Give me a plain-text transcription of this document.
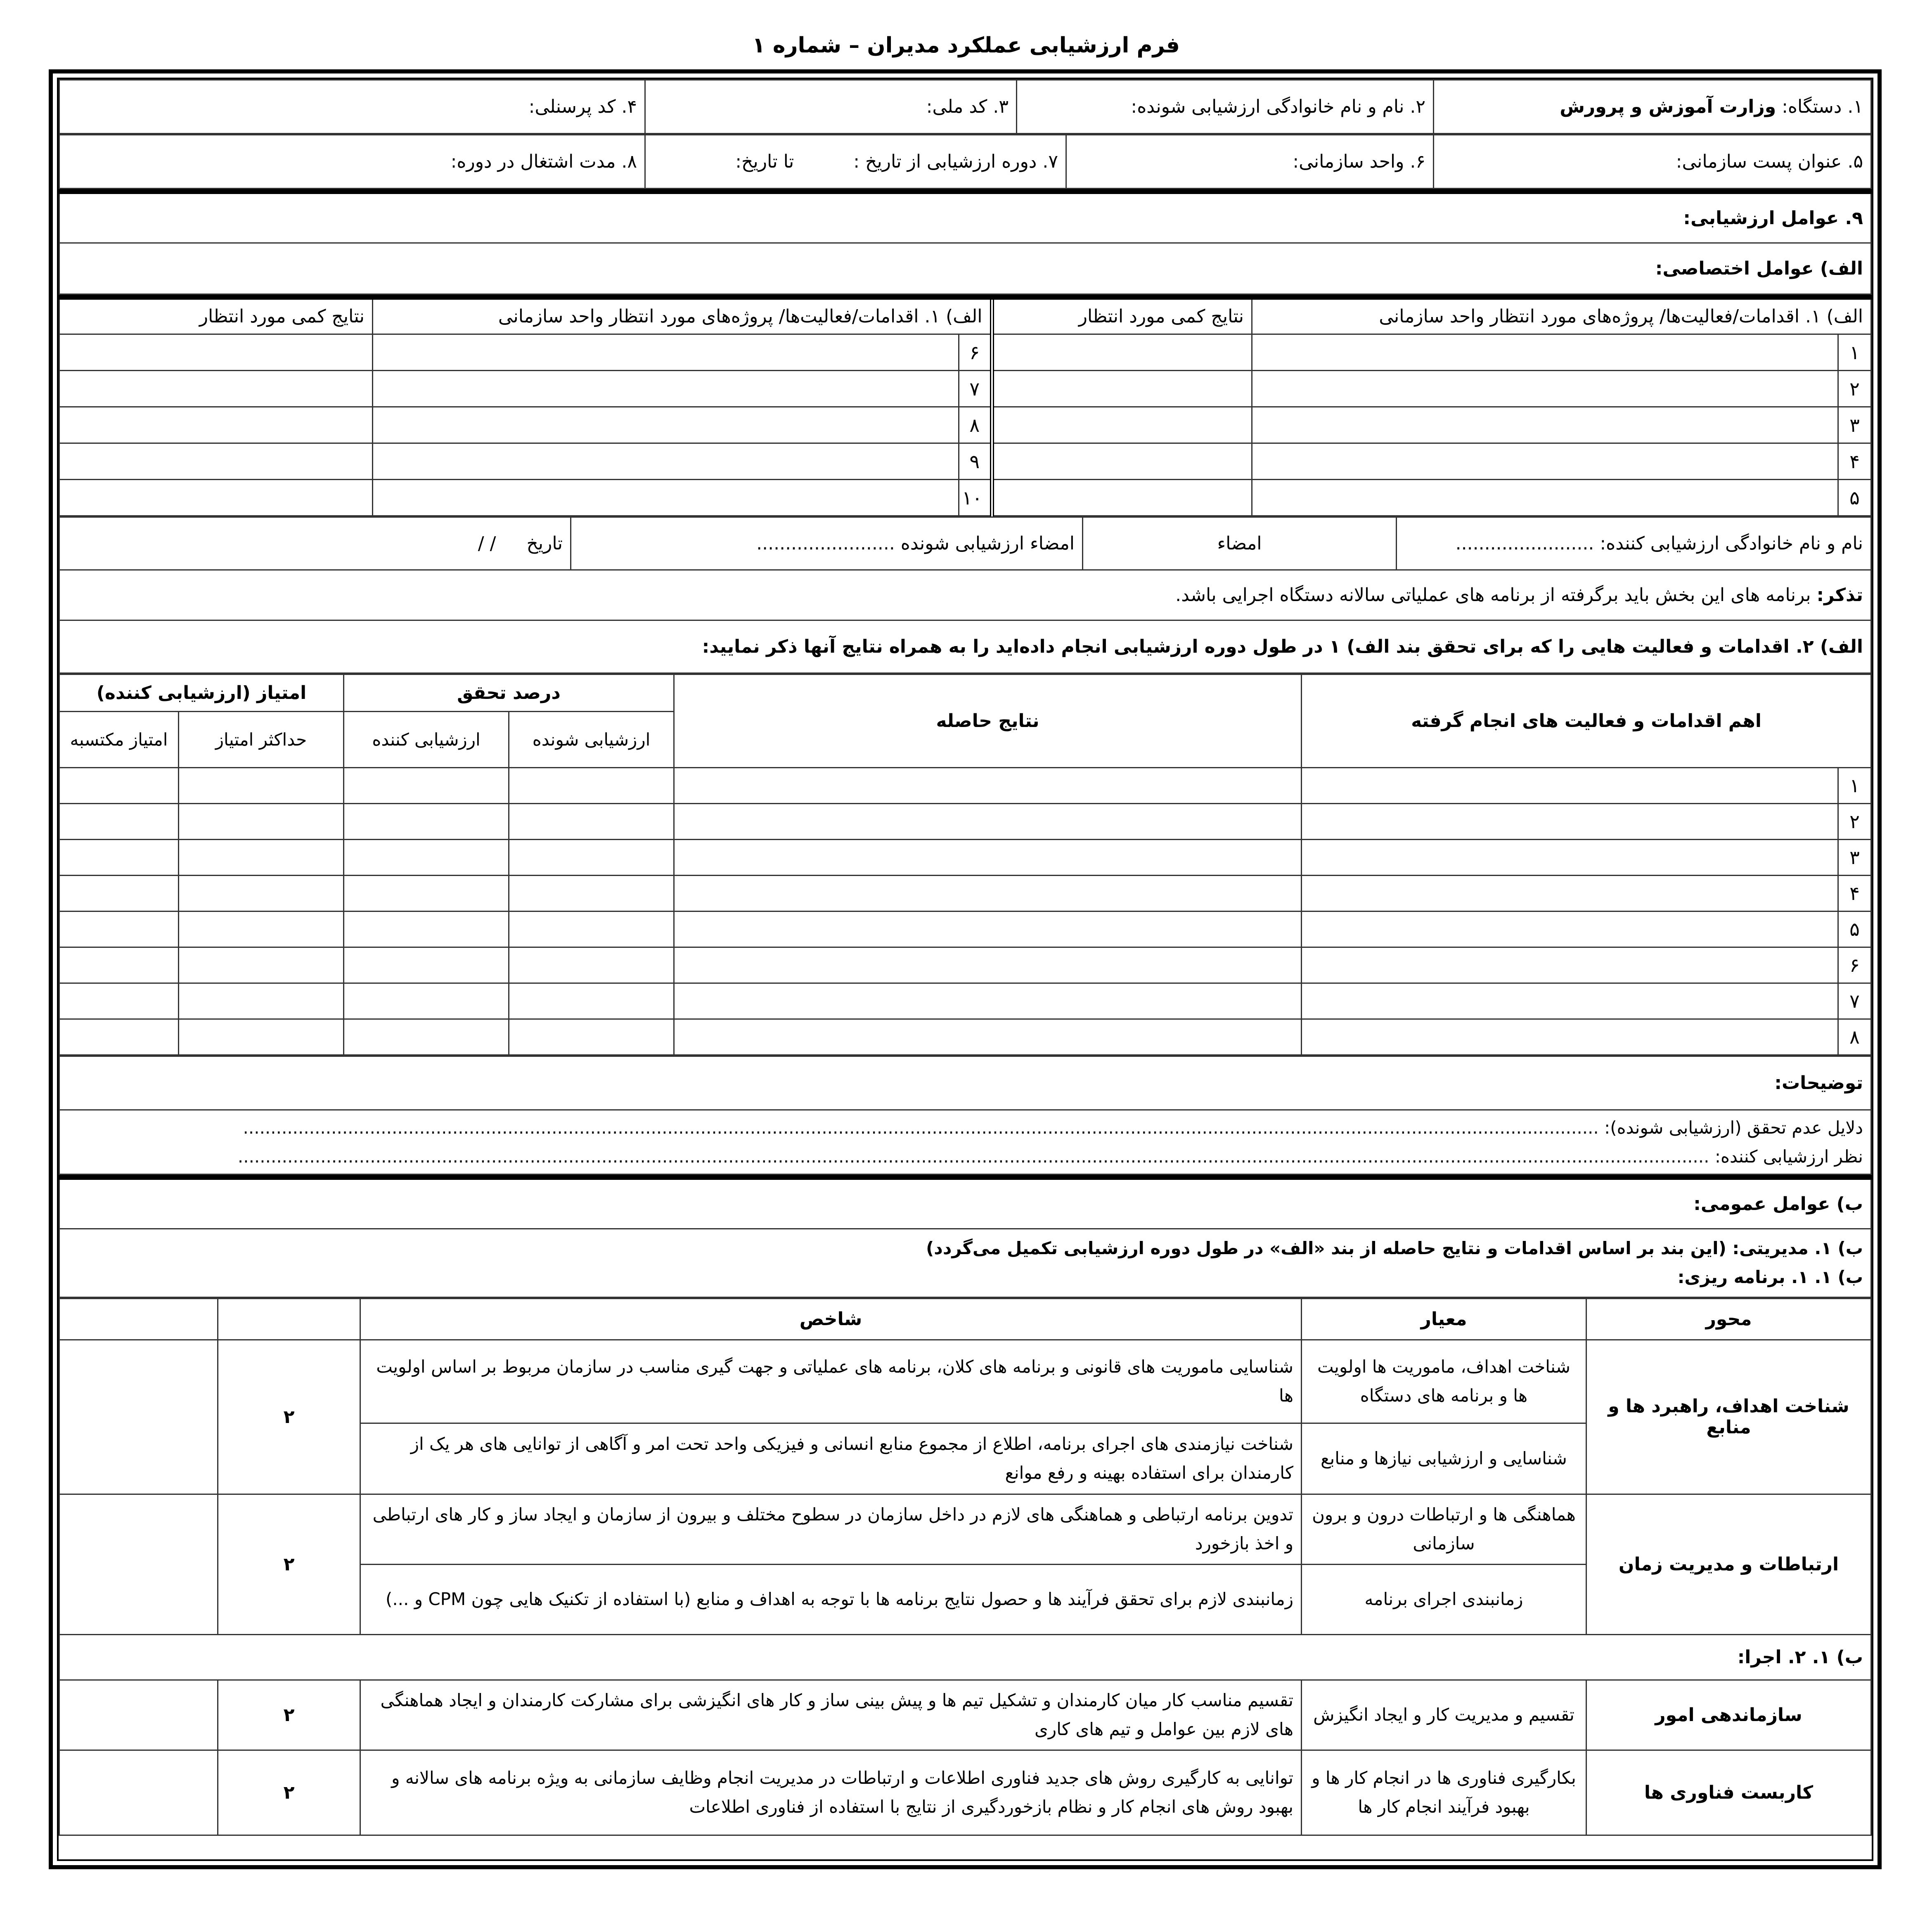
فرم ارزشیابی عملکرد مدیران – شماره ۱
۱. دستگاه: وزارت آموزش و پرورش	۲. نام و نام خانوادگی ارزشیابی شونده:	۳. کد ملی:	۴. کد پرسنلی:
۵. عنوان پست سازمانی:	۶. واحد سازمانی:	۷. دوره ارزشیابی از تاریخ : تا تاریخ:	۸. مدت اشتغال در دوره:
۹. عوامل ارزشیابی:
الف) عوامل اختصاصی:
الف) ۱. اقدامات/فعالیت‌ها/ پروژه‌های مورد انتظار واحد سازمانی		نتایج کمی مورد انتظار	الف) ۱. اقدامات/فعالیت‌ها/ پروژه‌های مورد انتظار واحد سازمانی		نتایج کمی مورد انتظار
۱			۶		
۲			۷		
۳			۸		
۴			۹		
۵			۱۰		
نام و نام خانوادگی ارزشیابی کننده: ........................	امضاء	امضاء ارزشیابی شونده ........................	تاریخ / /
تذکر: برنامه های این بخش باید برگرفته از برنامه های عملیاتی سالانه دستگاه اجرایی باشد.
الف) ۲. اقدامات و فعالیت هایی را که برای تحقق بند الف) ۱ در طول دوره ارزشیابی انجام داده‌اید را به همراه نتایج آنها ذکر نمایید:
اهم اقدامات و فعالیت های انجام گرفته		نتایج حاصله	درصد تحقق		امتیاز (ارزشیابی کننده)	
			ارزشیابی شونده	ارزشیابی کننده	حداکثر امتیاز	امتیاز مکتسبه
۱						
۲						
۳						
۴						
۵						
۶						
۷						
۸						
توضیحات:

دلایل عدم تحقق (ارزشیابی شونده): ......................................................................................................................................................................................................................................................
نظر ارزشیابی کننده: ...........................................................................................................................................................................................................................................................................
ب) عوامل عمومی:

ب) ۱. مدیریتی: (این بند بر اساس اقدامات و نتایج حاصله از بند «الف» در طول دوره ارزشیابی تکمیل می‌گردد)
ب) ۱. ۱. برنامه ریزی:
محور	معیار	شاخص		
شناخت اهداف، راهبرد ها و منابع	شناخت اهداف، ماموریت ها اولویت ها و برنامه های دستگاه	شناسایی ماموریت های قانونی و برنامه های کلان، برنامه های عملیاتی و جهت گیری مناسب در سازمان مربوط بر اساس اولویت ها	۲	
	شناسایی و ارزشیابی نیازها و منابع	شناخت نیازمندی های اجرای برنامه، اطلاع از مجموع منابع انسانی و فیزیکی واحد تحت امر و آگاهی از توانایی های هر یک از کارمندان برای استفاده بهینه و رفع موانع		
ارتباطات و مدیریت زمان	هماهنگی ها و ارتباطات درون و برون سازمانی	تدوین برنامه ارتباطی و هماهنگی های لازم در داخل سازمان در سطوح مختلف و بیرون از سازمان و ایجاد ساز و کار های ارتباطی و اخذ بازخورد	۲	
	زمانبندی اجرای برنامه	زمانبندی لازم برای تحقق فرآیند ها و حصول نتایج برنامه ها با توجه به اهداف و منابع (با استفاده از تکنیک هایی چون CPM و ...)		
ب) ۱. ۲. اجرا:				
سازماندهی امور	تقسیم و مدیریت کار و ایجاد انگیزش	تقسیم مناسب کار میان کارمندان و تشکیل تیم ها و پیش بینی ساز و کار های انگیزشی برای مشارکت کارمندان و ایجاد هماهنگی های لازم بین عوامل و تیم های کاری	۲	
کاربست فناوری ها	بکارگیری فناوری ها در انجام کار ها و بهبود فرآیند انجام کار ها	توانایی به کارگیری روش های جدید فناوری اطلاعات و ارتباطات در مدیریت انجام وظایف سازمانی به ویژه برنامه های سالانه و بهبود روش های انجام کار و نظام بازخوردگیری از نتایج با استفاده از فناوری اطلاعات	۲	
